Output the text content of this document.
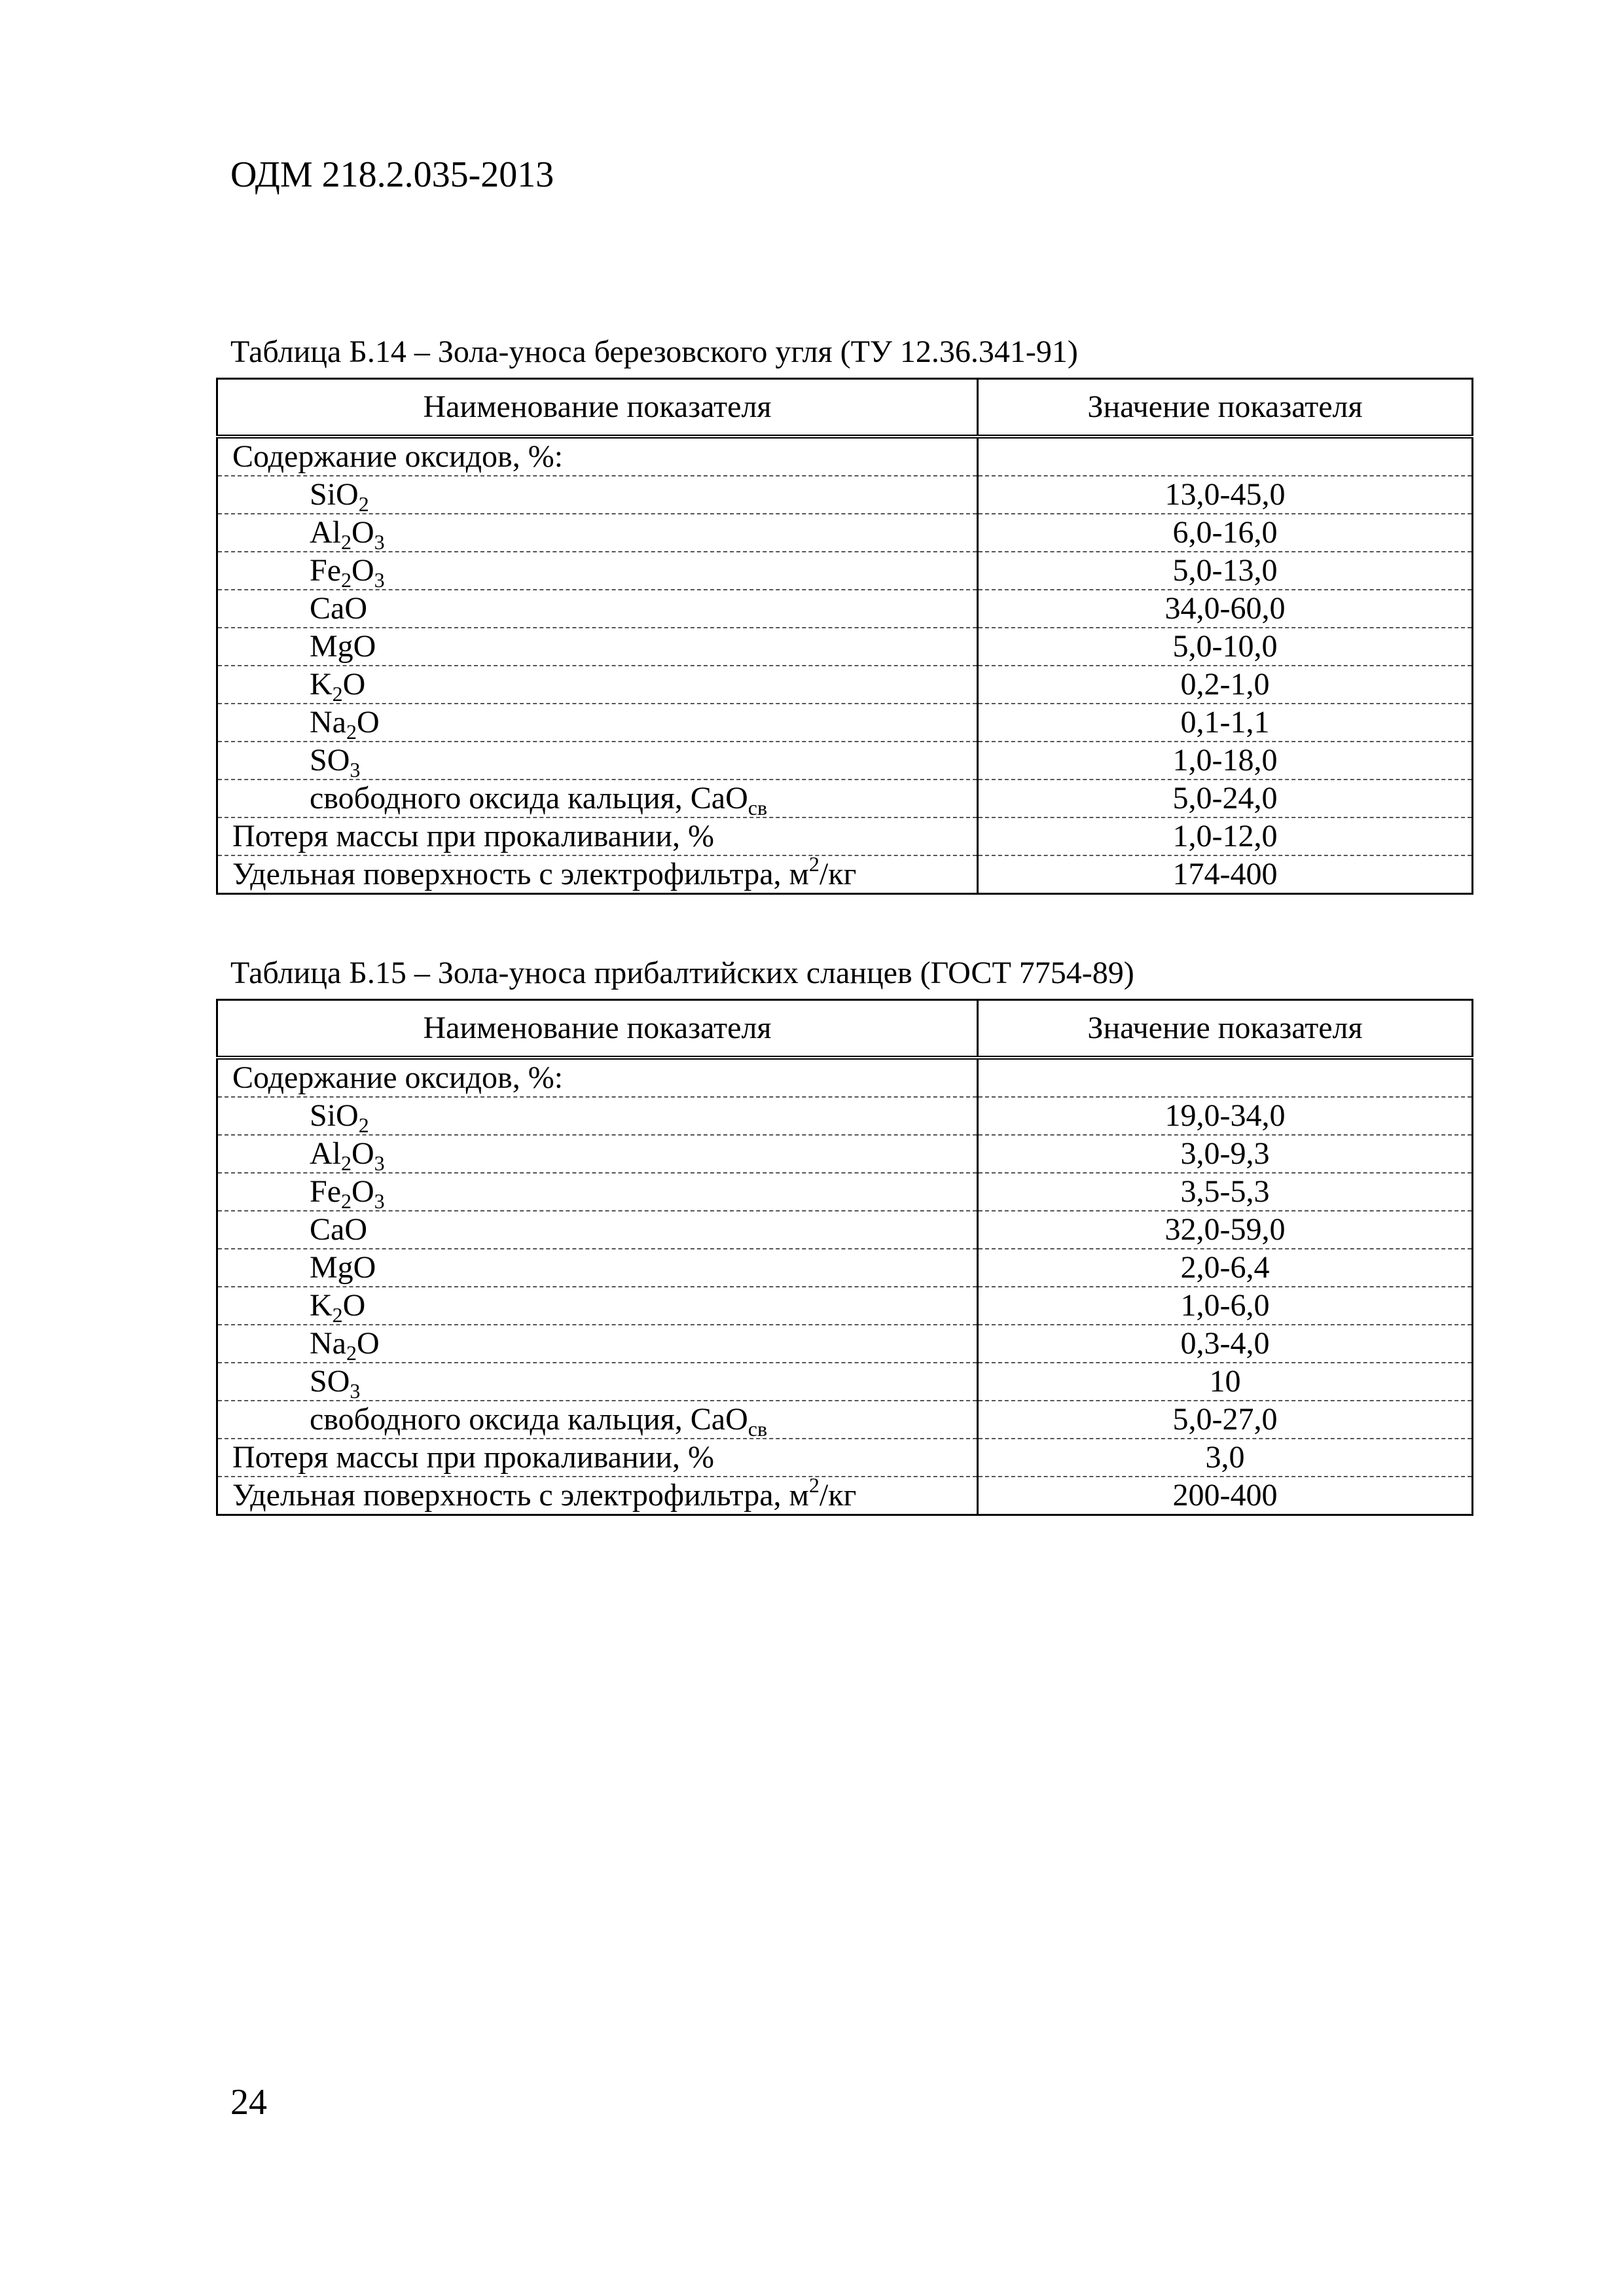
ОДМ 218.2.035-2013
Таблица Б.14 – Зола-уноса березовского угля (ТУ 12.36.341-91)
Наименование показателя	Значение показателя
Содержание оксидов, %:	
SiO$_2$	13,0-45,0
$Al_2O_3$	6,0-16,0
$Fe_2O_3$	5,0-13,0
CaO	34,0-60,0
MgO	5,0-10,0
$K_2O$	0,2-1,0
$Na_2O$	0,1-1,1
$SO_3$	1,0-18,0
свободного оксида кальция, CaO$_{св}$	5,0-24,0
Потеря массы при прокаливании, %	1,0-12,0
Удельная поверхность с электрофильтра, $м^2/кг$	174-400
Таблица Б.15 – Зола-уноса прибалтийских сланцев (ГОСТ 7754-89)
Наименование показателя	Значение показателя
Содержание оксидов, %:	
SiO$_2$	19,0-34,0
$Al_2O_3$	3,0-9,3
$Fe_2O_3$	3,5-5,3
CaO	32,0-59,0
MgO	2,0-6,4
$K_2O$	1,0-6,0
$Na_2O$	0,3-4,0
$SO_3$	10
свободного оксида кальция, CaO$_{св}$	5,0-27,0
Потеря массы при прокаливании, %	3,0
Удельная поверхность с электрофильтра, $м^2/кг$	200-400
24
